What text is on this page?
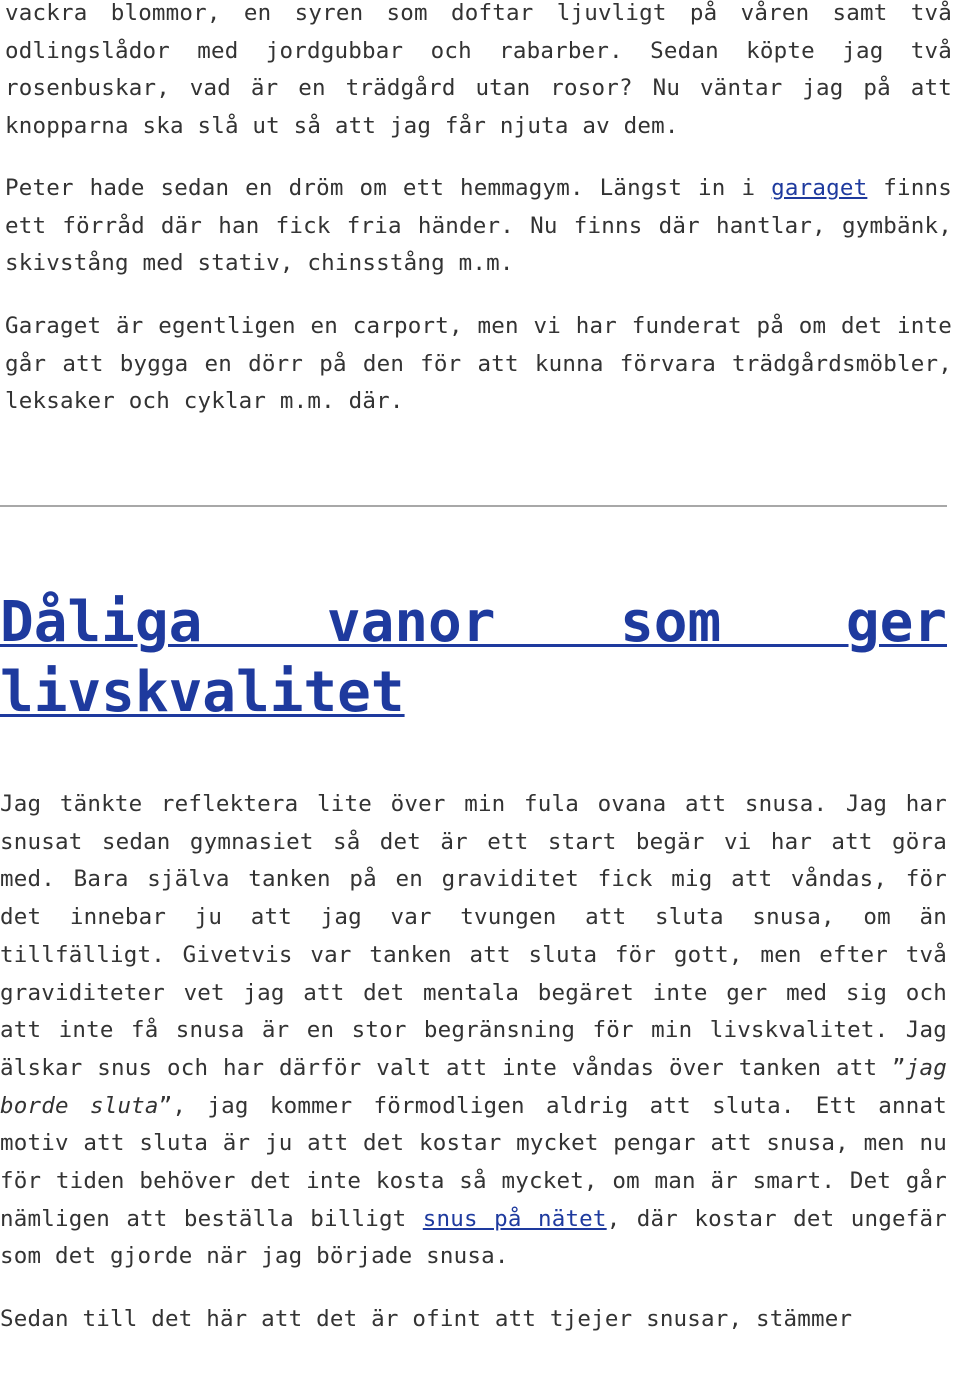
vackra blommor, en syren som doftar ljuvligt på våren samt två odlingslådor med jordgubbar och rabarber. Sedan köpte jag två rosenbuskar, vad är en trädgård utan rosor? Nu väntar jag på att knopparna ska slå ut så att jag får njuta av dem.

Peter hade sedan en dröm om ett hemmagym. Längst in i garaget finns ett förråd där han fick fria händer. Nu finns där hantlar, gymbänk, skivstång med stativ, chinsstång m.m.

Garaget är egentligen en carport, men vi har funderat på om det inte går att bygga en dörr på den för att kunna förvara trädgårdsmöbler, leksaker och cyklar m.m. där.

Dåliga vanor som ger livskvalitet

Jag tänkte reflektera lite över min fula ovana att snusa. Jag har snusat sedan gymnasiet så det är ett start begär vi har att göra med. Bara själva tanken på en graviditet fick mig att våndas, för det innebar ju att jag var tvungen att sluta snusa, om än tillfälligt. Givetvis var tanken att sluta för gott, men efter två graviditeter vet jag att det mentala begäret inte ger med sig och att inte få snusa är en stor begränsning för min livskvalitet. Jag älskar snus och har därför valt att inte våndas över tanken att ”jag borde sluta”, jag kommer förmodligen aldrig att sluta. Ett annat motiv att sluta är ju att det kostar mycket pengar att snusa, men nu för tiden behöver det inte kosta så mycket, om man är smart. Det går nämligen att beställa billigt snus på nätet, där kostar det ungefär som det gjorde när jag började snusa.

Sedan till det här att det är ofint att tjejer snusar, stämmer
